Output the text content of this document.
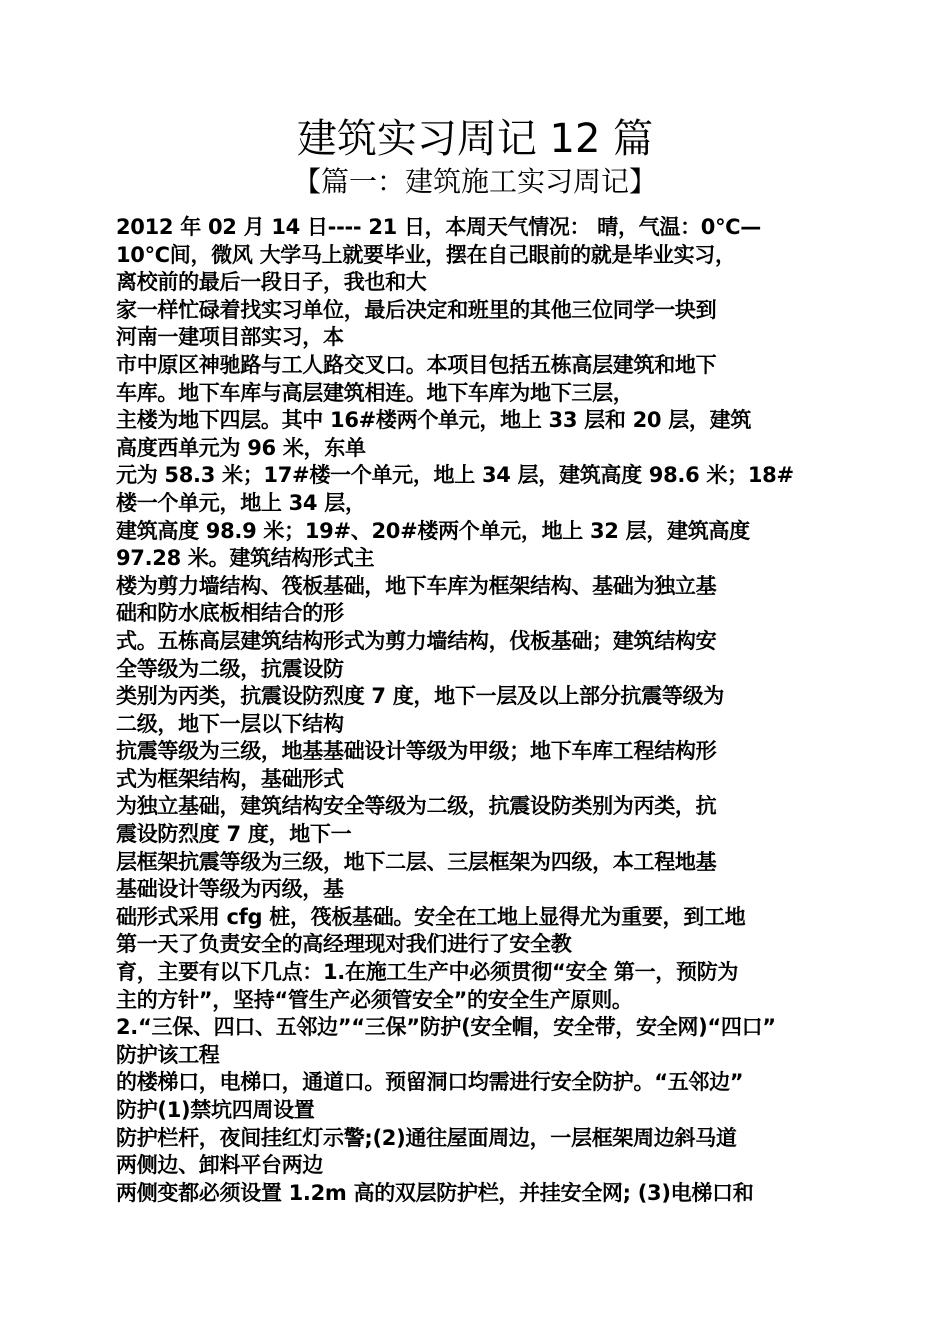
建筑实习周记 12 篇
【篇一：建筑施工实习周记】
2012 年 02 月 14 日---- 21 日，本周天气情况： 晴，气温：0℃—
10℃间，微风 大学马上就要毕业，摆在自己眼前的就是毕业实习，
离校前的最后一段日子，我也和大
家一样忙碌着找实习单位，最后决定和班里的其他三位同学一块到
河南一建项目部实习，本
市中原区神驰路与工人路交叉口。本项目包括五栋高层建筑和地下
车库。地下车库与高层建筑相连。地下车库为地下三层，
主楼为地下四层。其中 16#楼两个单元，地上 33 层和 20 层，建筑
高度西单元为 96 米，东单
元为 58.3 米；17#楼一个单元，地上 34 层，建筑高度 98.6 米；18#
楼一个单元，地上 34 层，
建筑高度 98.9 米；19#、20#楼两个单元，地上 32 层，建筑高度
97.28 米。建筑结构形式主
楼为剪力墙结构、筏板基础，地下车库为框架结构、基础为独立基
础和防水底板相结合的形
式。五栋高层建筑结构形式为剪力墙结构，伐板基础；建筑结构安
全等级为二级，抗震设防
类别为丙类，抗震设防烈度 7 度，地下一层及以上部分抗震等级为
二级，地下一层以下结构
抗震等级为三级，地基基础设计等级为甲级；地下车库工程结构形
式为框架结构，基础形式
为独立基础，建筑结构安全等级为二级，抗震设防类别为丙类，抗
震设防烈度 7 度，地下一
层框架抗震等级为三级，地下二层、三层框架为四级，本工程地基
基础设计等级为丙级，基
础形式采用 cfg 桩，筏板基础。安全在工地上显得尤为重要，到工地
第一天了负责安全的高经理现对我们进行了安全教
育，主要有以下几点：1.在施工生产中必须贯彻“安全 第一，预防为
主的方针”，坚持“管生产必须管安全”的安全生产原则。
2.“三保、四口、五邻边”“三保”防护(安全帽，安全带，安全网)“四口”
防护该工程
的楼梯口，电梯口，通道口。预留洞口均需进行安全防护。“五邻边”
防护(1)禁坑四周设置
防护栏杆，夜间挂红灯示警;(2)通往屋面周边，一层框架周边斜马道
两侧边、卸料平台两边
两侧变都必须设置 1.2m 高的双层防护栏，并挂安全网; (3)电梯口和
